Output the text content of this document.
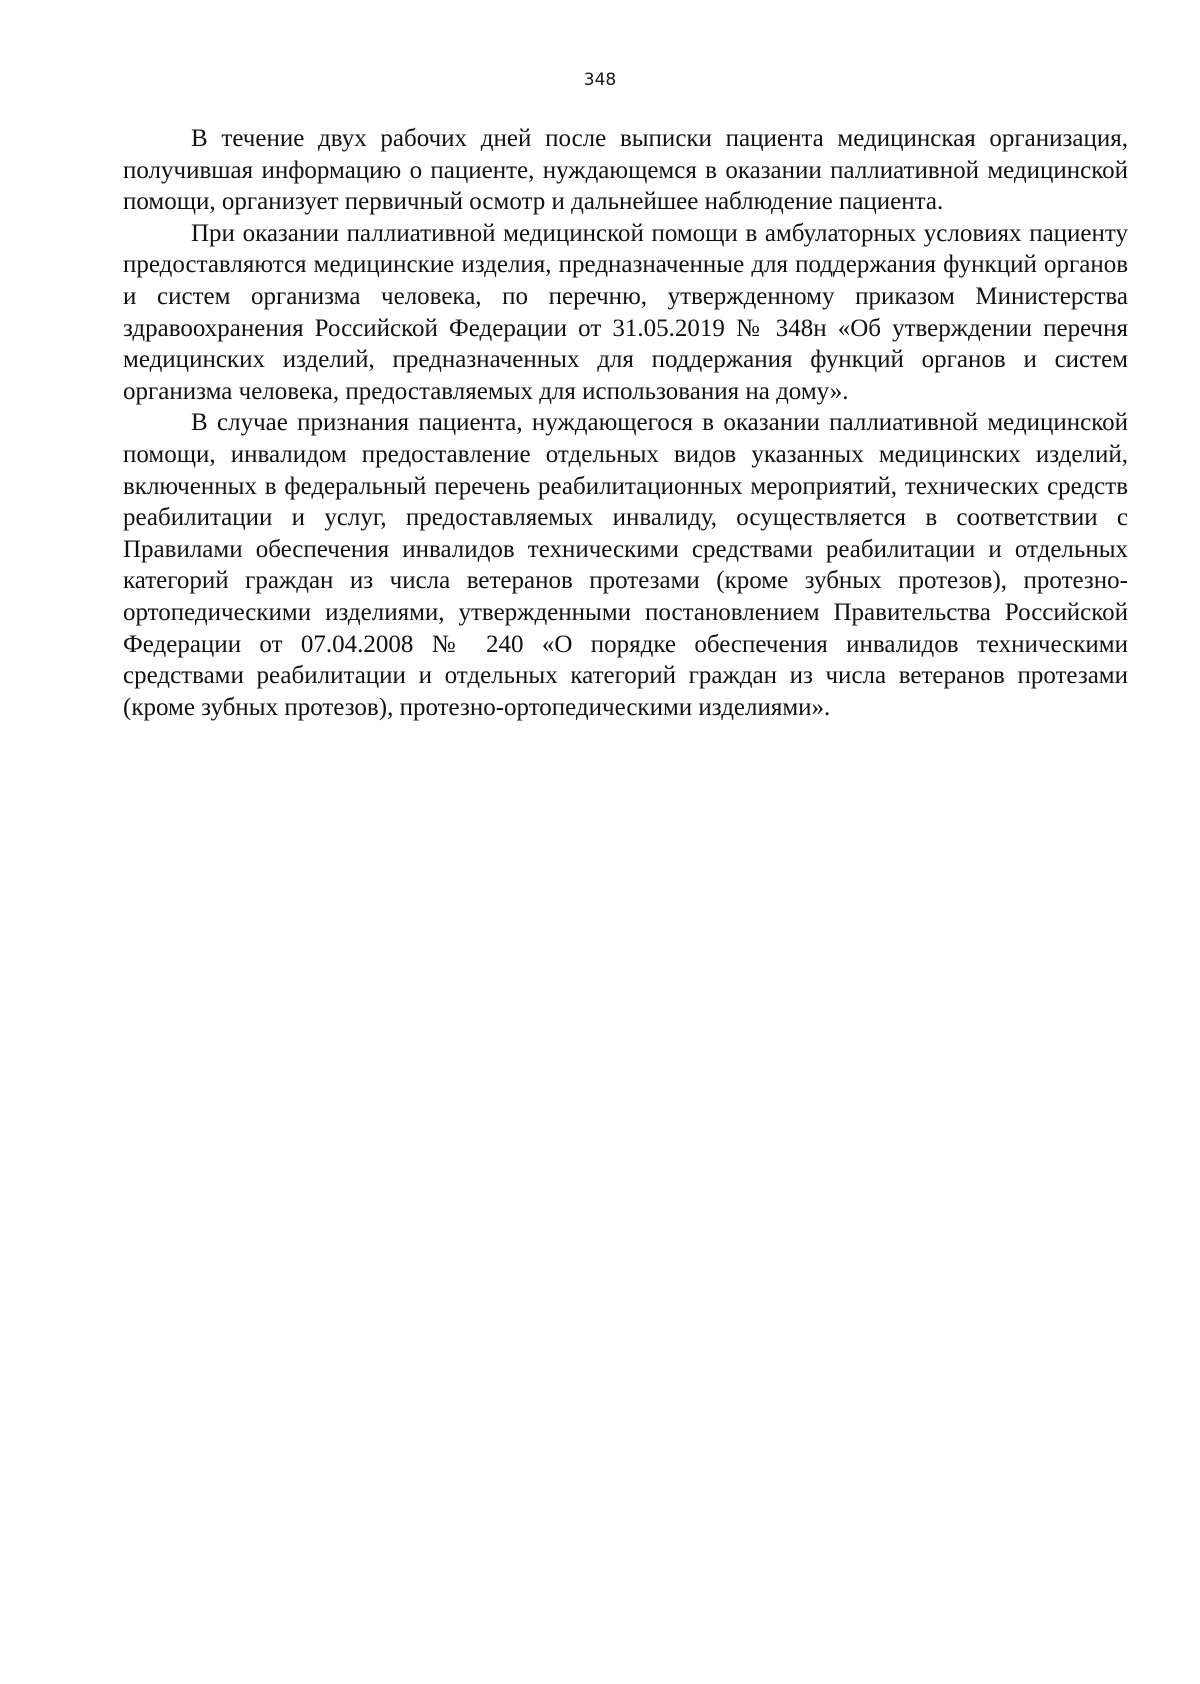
348

В течение двух рабочих дней после выписки пациента медицинская организация, получившая информацию о пациенте, нуждающемся в оказании паллиативной медицинской помощи, организует первичный осмотр и дальнейшее наблюдение пациента.

При оказании паллиативной медицинской помощи в амбулаторных условиях пациенту предоставляются медицинские изделия, предназначенные для поддержания функций органов и систем организма человека, по перечню, утвержденному приказом Министерства здравоохранения Российской Федерации от 31.05.2019 № 348н «Об утверждении перечня медицинских изделий, предназначенных для поддержания функций органов и систем организма человека, предоставляемых для использования на дому».

В случае признания пациента, нуждающегося в оказании паллиативной медицинской помощи, инвалидом предоставление отдельных видов указанных медицинских изделий, включенных в федеральный перечень реабилитационных мероприятий, технических средств реабилитации и услуг, предоставляемых инвалиду, осуществляется в соответствии с Правилами обеспечения инвалидов техническими средствами реабилитации и отдельных категорий граждан из числа ветеранов протезами (кроме зубных протезов), протезно-ортопедическими изделиями, утвержденными постановлением Правительства Российской Федерации от 07.04.2008 № 240 «О порядке обеспечения инвалидов техническими средствами реабилитации и отдельных категорий граждан из числа ветеранов протезами (кроме зубных протезов), протезно-ортопедическими изделиями».
